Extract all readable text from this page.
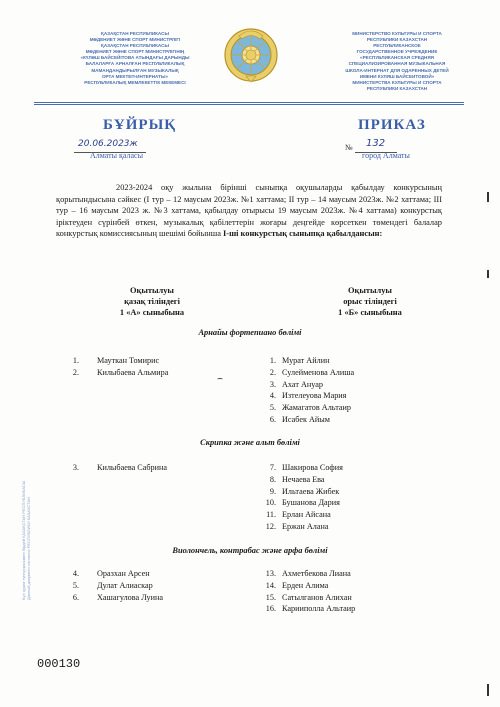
ҚАЗАҚСТАН РЕСПУБЛИКАСЫ
МӘДЕНИЕТ ЖӘНЕ СПОРТ МИНИСТРЛІГІ
ҚАЗАҚСТАН РЕСПУБЛИКАСЫ
МӘДЕНИЕТ ЖӘНЕ СПОРТ МИНИСТРЛІГІНІҢ
«КҮЛӘШ БАЙСЕЙІТОВА АТЫНДАҒЫ ДАРЫНДЫ
БАЛАЛАРҒА АРНАЛҒАН РЕСПУБЛИКАЛЫҚ
МАМАНДАНДЫРЫЛҒАН МУЗЫКАЛЫҚ
ОРТА МЕКТЕП-ИНТЕРНАТЫ»
РЕСПУБЛИКАЛЫҚ МЕМЛЕКЕТТІК МЕКЕМЕСІ
МИНИСТЕРСТВО КУЛЬТУРЫ И СПОРТА
РЕСПУБЛИКИ КАЗАХСТАН
РЕСПУБЛИКАНСКОЕ
ГОСУДАРСТВЕННОЕ УЧРЕЖДЕНИЕ
«РЕСПУБЛИКАНСКАЯ СРЕДНЯЯ
СПЕЦИАЛИЗИРОВАННАЯ МУЗЫКАЛЬНАЯ
ШКОЛА-ИНТЕРНАТ ДЛЯ ОДАРЕННЫХ ДЕТЕЙ
ИМЕНИ КУЛЯШ БАЙСЕИТОВОЙ»
МИНИСТЕРСТВА КУЛЬТУРЫ И СПОРТА
РЕСПУБЛИКИ КАЗАХСТАН
БҰЙРЫҚ	ПРИКАЗ
20.06.2023ж
Алматы қаласы
№ 132
город Алматы
2023-2024 оқу жылына бірінші сыныпқа оқушыларды қабылдау конкурсының қорытындысына сәйкес (І тур – 12 маусым 2023ж. №1 хаттама; ІІ тур – 14 маусым 2023ж. №2 хаттама; ІІІ тур – 16 маусым 2023 ж. №3 хаттама, қабылдау отырысы 19 маусым 2023ж. №4 хаттама) конкурстық іріктеуден сүрінбей өткен, музыкалық қабілеттерін жоғары деңгейде көрсеткен төмендегі балалар конкурстық комиссиясының шешімі бойынша І-ші конкурстық сыныпқа қабылдансын:
Оқытылуы
қазақ тіліндегі
1 «А» сыныбына
Оқытылуы
орыс тіліндегі
1 «Б» сыныбына
Арнайы фортепиано бөлімі
1. Мауткан Томирис
2. Килыбаева Альмира
1. Мурат Айлин
2. Сулейменова Алиша
3. Ахат Ануар
4. Изтелеуова Мария
5. Жамагатов Альтаир
6. Исабек Айым
Скрипка және альт бөлімі
3. Килыбаева Сабрина	7. Шакирова София
8. Нечаева Ева
9. Ильтаева Жибек
10. Бушанова Дария
11. Ерлан Айсана
12. Ержан Алана
Виолончель, контрабас және арфа бөлімі
4. Оразхан Арсен
5. Дулат Алиаскар
6. Хашагулова Луина
13. Ахметбекова Лиана
14. Ерден Алима
15. Сатылганов Алихан
16. Карииполла Альтаир
Бұл құжат түпнұсқасымен бірдей ҚАЗАҚСТАН РЕСПУБЛИКАСЫ Данный документ согласно РЕСПУБЛИКИ КАЗАХСТАН
000130
